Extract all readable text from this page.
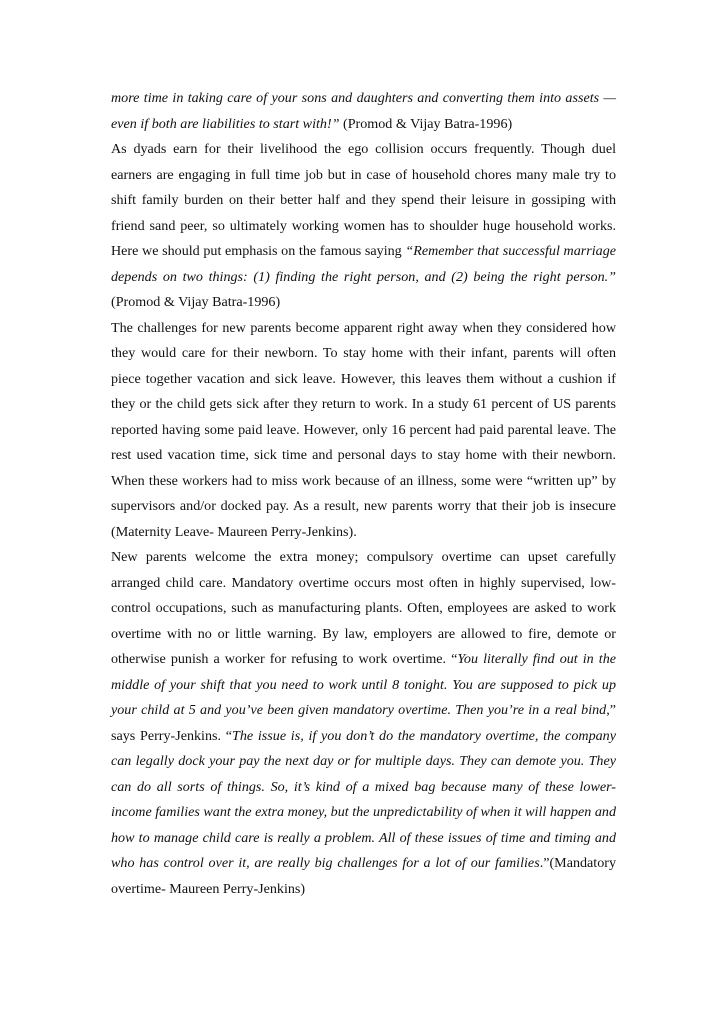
more time in taking care of your sons and daughters and converting them into assets —even if both are liabilities to start with!” (Promod & Vijay Batra-1996)

As dyads earn for their livelihood the ego collision occurs frequently. Though duel earners are engaging in full time job but in case of household chores many male try to shift family burden on their better half and they spend their leisure in gossiping with friend sand peer, so ultimately working women has to shoulder huge household works. Here we should put emphasis on the famous saying “Remember that successful marriage depends on two things: (1) finding the right person, and (2) being the right person.” (Promod & Vijay Batra-1996)

The challenges for new parents become apparent right away when they considered how they would care for their newborn. To stay home with their infant, parents will often piece together vacation and sick leave. However, this leaves them without a cushion if they or the child gets sick after they return to work. In a study 61 percent of US parents reported having some paid leave. However, only 16 percent had paid parental leave. The rest used vacation time, sick time and personal days to stay home with their newborn. When these workers had to miss work because of an illness, some were “written up” by supervisors and/or docked pay. As a result, new parents worry that their job is insecure (Maternity Leave- Maureen Perry-Jenkins).

New parents welcome the extra money; compulsory overtime can upset carefully arranged child care. Mandatory overtime occurs most often in highly supervised, low-control occupations, such as manufacturing plants. Often, employees are asked to work overtime with no or little warning. By law, employers are allowed to fire, demote or otherwise punish a worker for refusing to work overtime. “You literally find out in the middle of your shift that you need to work until 8 tonight. You are supposed to pick up your child at 5 and you’ve been given mandatory overtime. Then you’re in a real bind,” says Perry-Jenkins. “The issue is, if you don’t do the mandatory overtime, the company can legally dock your pay the next day or for multiple days. They can demote you. They can do all sorts of things. So, it’s kind of a mixed bag because many of these lower-income families want the extra money, but the unpredictability of when it will happen and how to manage child care is really a problem. All of these issues of time and timing and who has control over it, are really big challenges for a lot of our families.”(Mandatory overtime- Maureen Perry-Jenkins)
